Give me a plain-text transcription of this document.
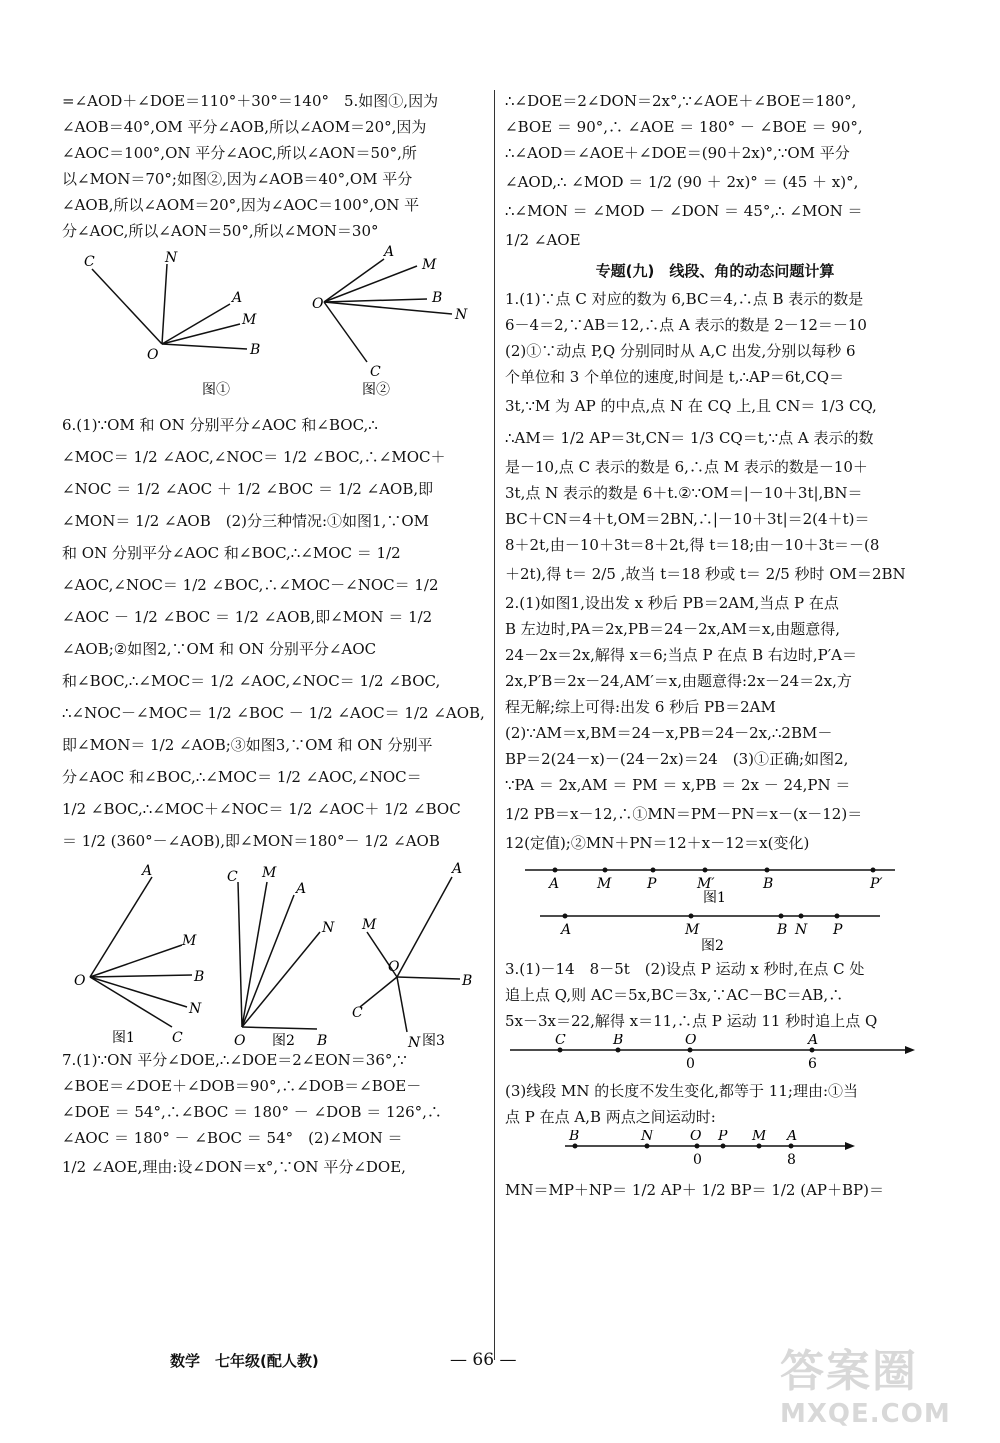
=∠AOD＋∠DOE＝110°＋30°＝140°　5.如图①,因为
∠AOB＝40°,OM 平分∠AOB,所以∠AOM＝20°,因为
∠AOC＝100°,ON 平分∠AOC,所以∠AON＝50°,所
以∠MON＝70°;如图②,因为∠AOB＝40°,OM 平分
∠AOB,所以∠AOM＝20°,因为∠AOC＝100°,ON 平
分∠AOC,所以∠AON＝50°,所以∠MON＝30°
C	N
A
M
O	B
图①
A
M
O	B
N
C
图②
6.(1)∵OM 和 ON 分别平分∠AOC 和∠BOC,∴
∠MOC＝ 1/2 ∠AOC,∠NOC＝ 1/2 ∠BOC,∴∠MOC＋
∠NOC ＝ 1/2 ∠AOC ＋ 1/2 ∠BOC ＝ 1/2 ∠AOB,即
∠MON＝ 1/2 ∠AOB　(2)分三种情况:①如图1,∵OM
和 ON 分别平分∠AOC 和∠BOC,∴∠MOC ＝ 1/2
∠AOC,∠NOC＝ 1/2 ∠BOC,∴∠MOC－∠NOC＝ 1/2
∠AOC － 1/2 ∠BOC ＝ 1/2 ∠AOB,即∠MON ＝ 1/2
∠AOB;②如图2,∵OM 和 ON 分别平分∠AOC
和∠BOC,∴∠MOC＝ 1/2 ∠AOC,∠NOC＝ 1/2 ∠BOC,
∴∠NOC－∠MOC＝ 1/2 ∠BOC － 1/2 ∠AOC＝ 1/2 ∠AOB,
即∠MON＝ 1/2 ∠AOB;③如图3,∵OM 和 ON 分别平
分∠AOC 和∠BOC,∴∠MOC＝ 1/2 ∠AOC,∠NOC＝
1/2 ∠BOC,∴∠MOC＋∠NOC＝ 1/2 ∠AOC＋ 1/2 ∠BOC
＝ 1/2 (360°－∠AOB),即∠MON＝180°－ 1/2 ∠AOB
A
M
O	B
N
C
图1
C M
A
N
O	B
图2
A
M
O
B
C
N 图3
7.(1)∵ON 平分∠DOE,∴∠DOE＝2∠EON＝36°,∵
∠BOE＝∠DOE＋∠DOB＝90°,∴∠DOB＝∠BOE－
∠DOE ＝ 54°,∴∠BOC ＝ 180° － ∠DOB ＝ 126°,∴
∠AOC ＝ 180° － ∠BOC ＝ 54°　(2)∠MON ＝
1/2 ∠AOE,理由:设∠DON＝x°,∵ON 平分∠DOE,
∴∠DOE＝2∠DON＝2x°,∵∠AOE＋∠BOE＝180°,
∠BOE ＝ 90°,∴ ∠AOE ＝ 180° － ∠BOE ＝ 90°,
∴∠AOD＝∠AOE＋∠DOE＝(90＋2x)°,∵OM 平分
∠AOD,∴ ∠MOD ＝ 1/2 (90 ＋ 2x)° ＝ (45 ＋ x)°,
∴∠MON ＝ ∠MOD － ∠DON ＝ 45°,∴ ∠MON ＝
1/2 ∠AOE
专题(九)　线段、角的动态问题计算
1.(1)∵点 C 对应的数为 6,BC＝4,∴点 B 表示的数是
6－4＝2,∵AB＝12,∴点 A 表示的数是 2－12＝－10
(2)①∵动点 P,Q 分别同时从 A,C 出发,分别以每秒 6
个单位和 3 个单位的速度,时间是 t,∴AP＝6t,CQ＝
3t,∵M 为 AP 的中点,点 N 在 CQ 上,且 CN＝ 1/3 CQ,
∴AM＝ 1/2 AP＝3t,CN＝ 1/3 CQ＝t,∵点 A 表示的数
是－10,点 C 表示的数是 6,∴点 M 表示的数是－10＋
3t,点 N 表示的数是 6＋t.②∵OM＝|－10＋3t|,BN＝
BC＋CN＝4＋t,OM＝2BN,∴|－10＋3t|＝2(4＋t)＝
8＋2t,由－10＋3t＝8＋2t,得 t＝18;由－10＋3t＝－(8
＋2t),得 t＝ 2/5 ,故当 t＝18 秒或 t＝ 2/5 秒时 OM＝2BN
2.(1)如图1,设出发 x 秒后 PB＝2AM,当点 P 在点
B 左边时,PA＝2x,PB＝24－2x,AM＝x,由题意得,
24－2x＝2x,解得 x＝6;当点 P 在点 B 右边时,P′A＝
2x,P′B＝2x－24,AM′＝x,由题意得:2x－24＝2x,方
程无解;综上可得:出发 6 秒后 PB＝2AM
(2)∵AM＝x,BM＝24－x,PB＝24－2x,∴2BM－
BP＝2(24－x)－(24－2x)＝24　(3)①正确;如图2,
∵PA ＝ 2x,AM ＝ PM ＝ x,PB ＝ 2x － 24,PN ＝
1/2 PB＝x－12,∴①MN＝PM－PN＝x－(x－12)＝
12(定值);②MN＋PN＝12＋x－12＝x(变化)
A	M	P	M′	B	P′
图1
A	M	B N P
图2
3.(1)－14　8－5t　(2)设点 P 运动 x 秒时,在点 C 处
追上点 Q,则 AC＝5x,BC＝3x,∵AC－BC＝AB,∴
5x－3x＝22,解得 x＝11,∴点 P 运动 11 秒时追上点 Q
C	B	O	A
0	6
(3)线段 MN 的长度不发生变化,都等于 11;理由:①当
点 P 在点 A,B 两点之间运动时:
B	N	O P M A
0	8
MN＝MP＋NP＝ 1/2 AP＋ 1/2 BP＝ 1/2 (AP＋BP)＝
数学　七年级(配人教)	— 66 —	答案圈
MXQE.COM
